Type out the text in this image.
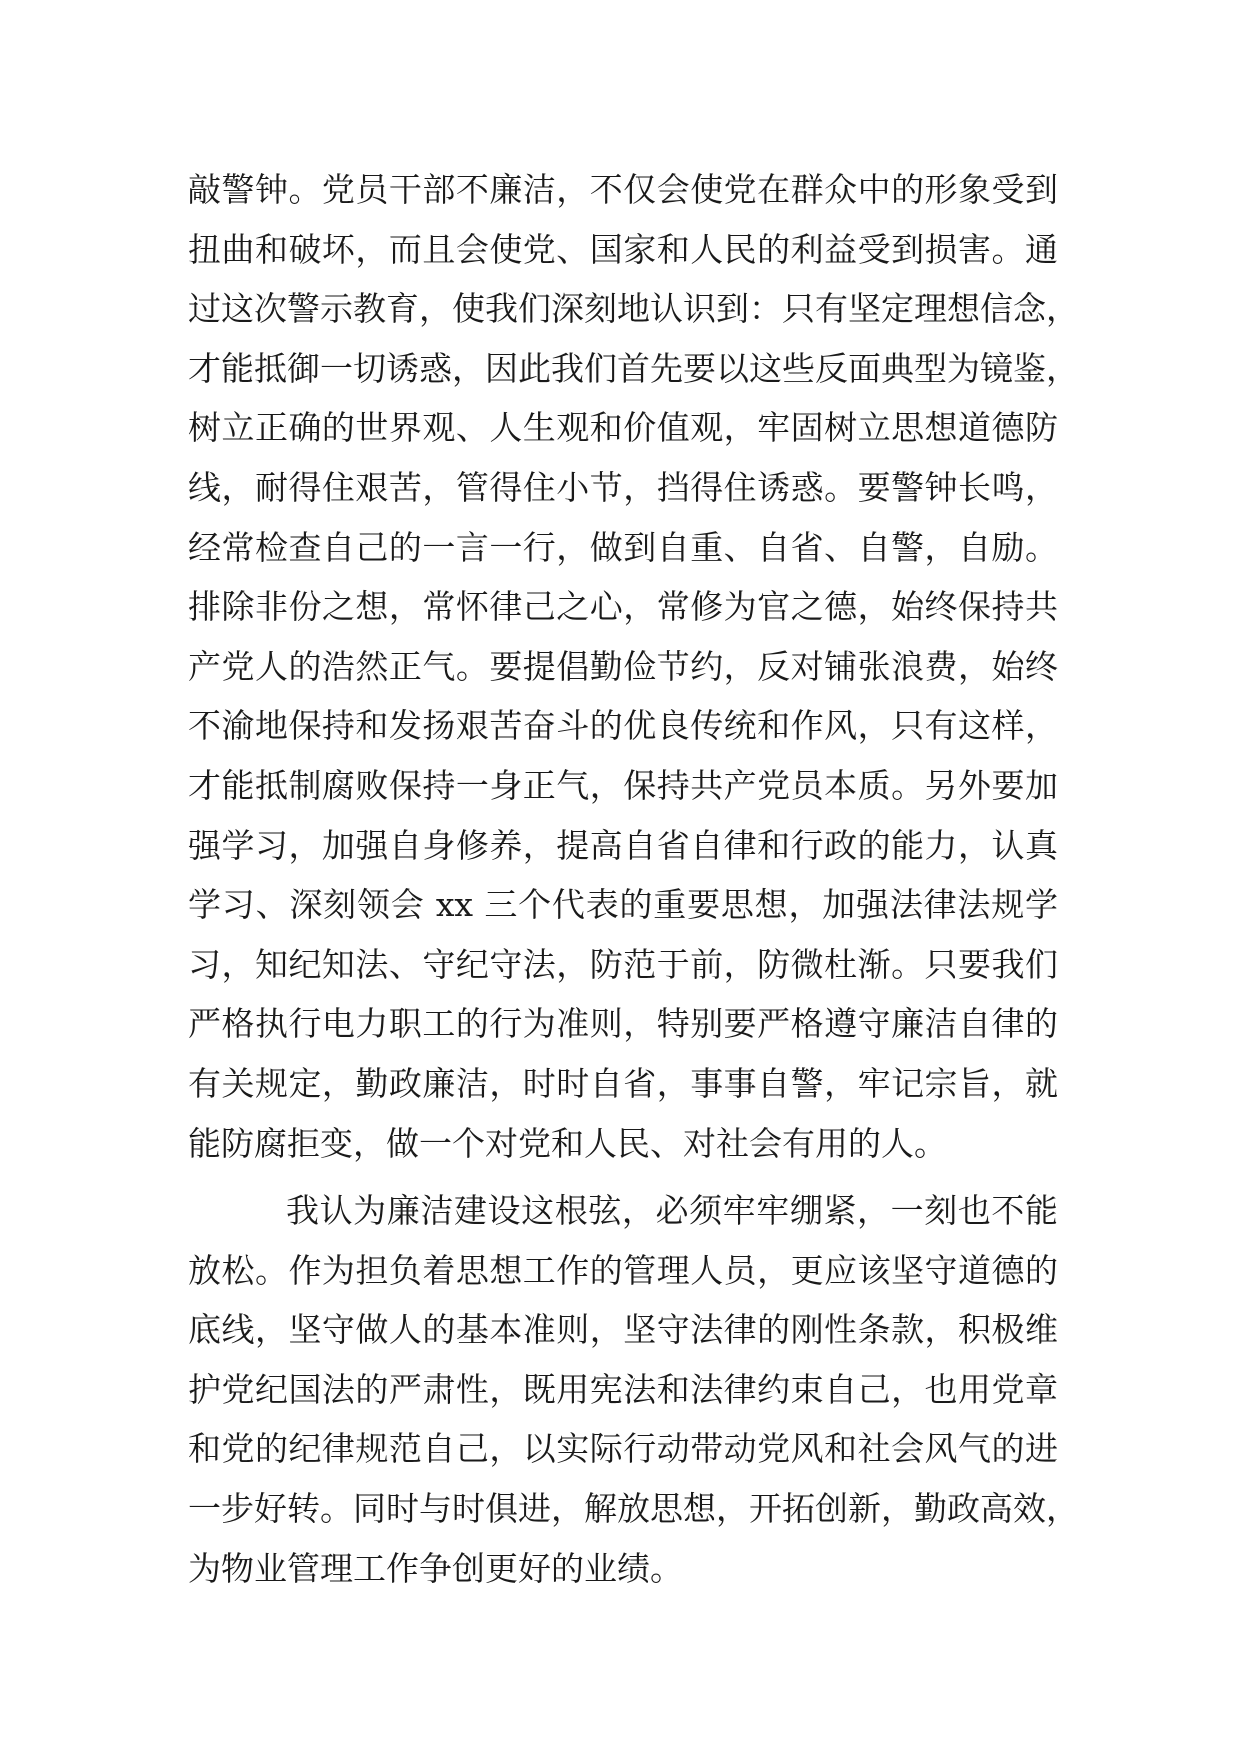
敲警钟。党员干部不廉洁，不仅会使党在群众中的形象受到
扭曲和破坏，而且会使党、国家和人民的利益受到损害。通
过这次警示教育，使我们深刻地认识到：只有坚定理想信念，
才能抵御一切诱惑，因此我们首先要以这些反面典型为镜鉴，
树立正确的世界观、人生观和价值观，牢固树立思想道德防
线，耐得住艰苦，管得住小节，挡得住诱惑。要警钟长鸣，
经常检查自己的一言一行，做到自重、自省、自警，自励。
排除非份之想，常怀律己之心，常修为官之德，始终保持共
产党人的浩然正气。要提倡勤俭节约，反对铺张浪费，始终
不渝地保持和发扬艰苦奋斗的优良传统和作风，只有这样，
才能抵制腐败保持一身正气，保持共产党员本质。另外要加
强学习，加强自身修养，提高自省自律和行政的能力，认真
学习、深刻领会 xx 三个代表的重要思想，加强法律法规学
习，知纪知法、守纪守法，防范于前，防微杜渐。只要我们
严格执行电力职工的行为准则，特别要严格遵守廉洁自律的
有关规定，勤政廉洁，时时自省，事事自警，牢记宗旨，就
能防腐拒变，做一个对党和人民、对社会有用的人。
我认为廉洁建设这根弦，必须牢牢绷紧，一刻也不能
放松。作为担负着思想工作的管理人员，更应该坚守道德的
底线，坚守做人的基本准则，坚守法律的刚性条款，积极维
护党纪国法的严肃性，既用宪法和法律约束自己，也用党章
和党的纪律规范自己，以实际行动带动党风和社会风气的进
一步好转。同时与时俱进，解放思想，开拓创新，勤政高效，
为物业管理工作争创更好的业绩。
